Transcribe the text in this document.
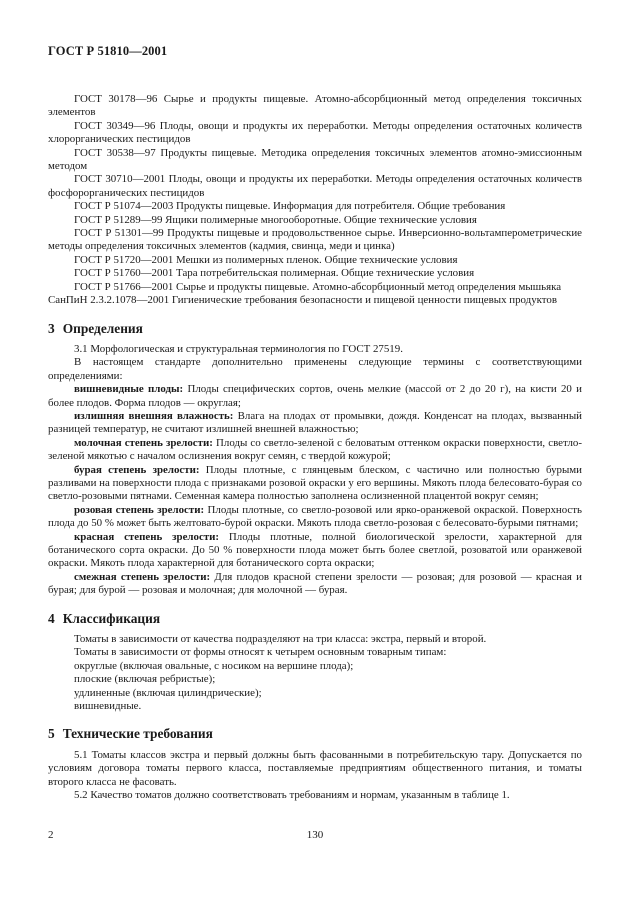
ГОСТ Р 51810—2001

ГОСТ 30178—96 Сырье и продукты пищевые. Атомно-абсорбционный метод определения токсичных элементов

ГОСТ 30349—96 Плоды, овощи и продукты их переработки. Методы определения остаточных количеств хлорорганических пестицидов

ГОСТ 30538—97 Продукты пищевые. Методика определения токсичных элементов атомно-эмиссионным методом

ГОСТ 30710—2001 Плоды, овощи и продукты их переработки. Методы определения остаточных количеств фосфорорганических пестицидов

ГОСТ Р 51074—2003 Продукты пищевые. Информация для потребителя. Общие требования

ГОСТ Р 51289—99 Ящики полимерные многооборотные. Общие технические условия

ГОСТ Р 51301—99 Продукты пищевые и продовольственное сырье. Инверсионно-вольтамперометрические методы определения токсичных элементов (кадмия, свинца, меди и цинка)

ГОСТ Р 51720—2001 Мешки из полимерных пленок. Общие технические условия

ГОСТ Р 51760—2001 Тара потребительская полимерная. Общие технические условия

ГОСТ Р 51766—2001 Сырье и продукты пищевые. Атомно-абсорбционный метод определения мышьяка

СанПиН 2.3.2.1078—2001 Гигиенические требования безопасности и пищевой ценности пищевых продуктов

3 Определения

3.1 Морфологическая и структуральная терминология по ГОСТ 27519.

В настоящем стандарте дополнительно применены следующие термины с соответствующими определениями:

вишневидные плоды: Плоды специфических сортов, очень мелкие (массой от 2 до 20 г), на кисти 20 и более плодов. Форма плодов — округлая;

излишняя внешняя влажность: Влага на плодах от промывки, дождя. Конденсат на плодах, вызванный разницей температур, не считают излишней внешней влажностью;

молочная степень зрелости: Плоды со светло-зеленой с беловатым оттенком окраски поверхности, светло-зеленой мякотью с началом ослизнения вокруг семян, с твердой кожурой;

бурая степень зрелости: Плоды плотные, с глянцевым блеском, с частично или полностью бурыми разливами на поверхности плода с признаками розовой окраски у его вершины. Мякоть плода белесовато-бурая со светло-розовыми пятнами. Семенная камера полностью заполнена ослизненной плацентой вокруг семян;

розовая степень зрелости: Плоды плотные, со светло-розовой или ярко-оранжевой окраской. Поверхность плода до 50 % может быть желтовато-бурой окраски. Мякоть плода светло-розовая с белесовато-бурыми пятнами;

красная степень зрелости: Плоды плотные, полной биологической зрелости, характерной для ботанического сорта окраски. До 50 % поверхности плода может быть более светлой, розоватой или оранжевой окраски. Мякоть плода характерной для ботанического сорта окраски;

смежная степень зрелости: Для плодов красной степени зрелости — розовая; для розовой — красная и бурая; для бурой — розовая и молочная; для молочной — бурая.

4 Классификация

Томаты в зависимости от качества подразделяют на три класса: экстра, первый и второй.

Томаты в зависимости от формы относят к четырем основным товарным типам:

округлые (включая овальные, с носиком на вершине плода);

плоские (включая ребристые);

удлиненные (включая цилиндрические);

вишневидные.

5 Технические требования

5.1 Томаты классов экстра и первый должны быть фасованными в потребительскую тару. Допускается по условиям договора томаты первого класса, поставляемые предприятиям общественного питания, и томаты второго класса не фасовать.

5.2 Качество томатов должно соответствовать требованиям и нормам, указанным в таблице 1.

2	130
